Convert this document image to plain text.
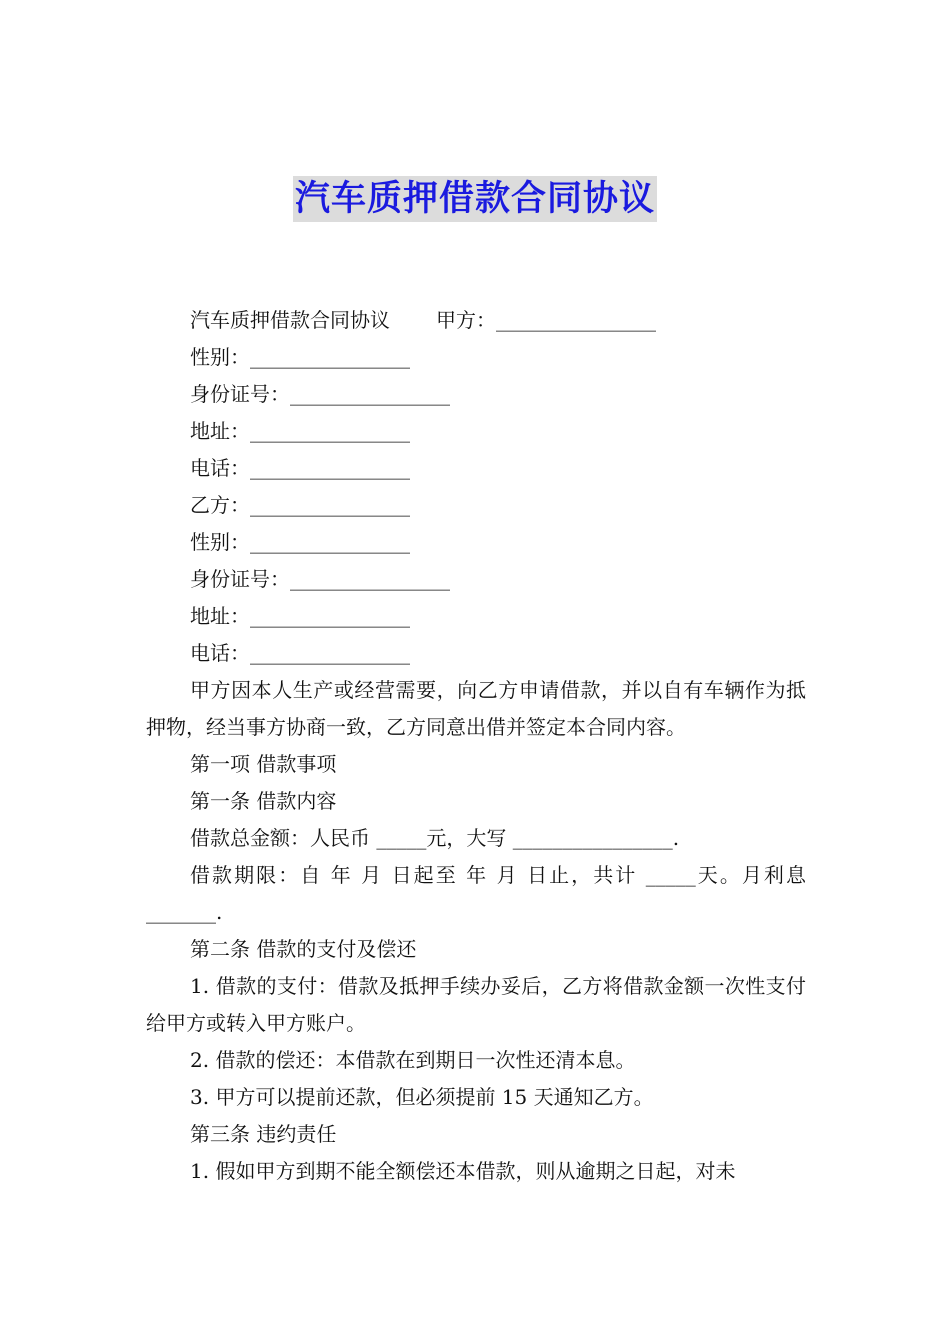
汽车质押借款合同协议

汽车质押借款合同协议 甲方：________________

性别：________________

身份证号：________________

地址：________________

电话：________________

乙方：________________

性别：________________

身份证号：________________

地址：________________

电话：________________

甲方因本人生产或经营需要，向乙方申请借款，并以自有车辆作为抵押物，经当事方协商一致，乙方同意出借并签定本合同内容。

第一项 借款事项

第一条 借款内容

借款总金额：人民币 _____元，大写 ________________.

借款期限：自 年 月 日起至 年 月 日止，共计 _____天。月利息 _______.

第二条 借款的支付及偿还

1. 借款的支付：借款及抵押手续办妥后，乙方将借款金额一次性支付给甲方或转入甲方账户。

2. 借款的偿还：本借款在到期日一次性还清本息。

3. 甲方可以提前还款，但必须提前 15 天通知乙方。

第三条 违约责任

1. 假如甲方到期不能全额偿还本借款，则从逾期之日起，对未
